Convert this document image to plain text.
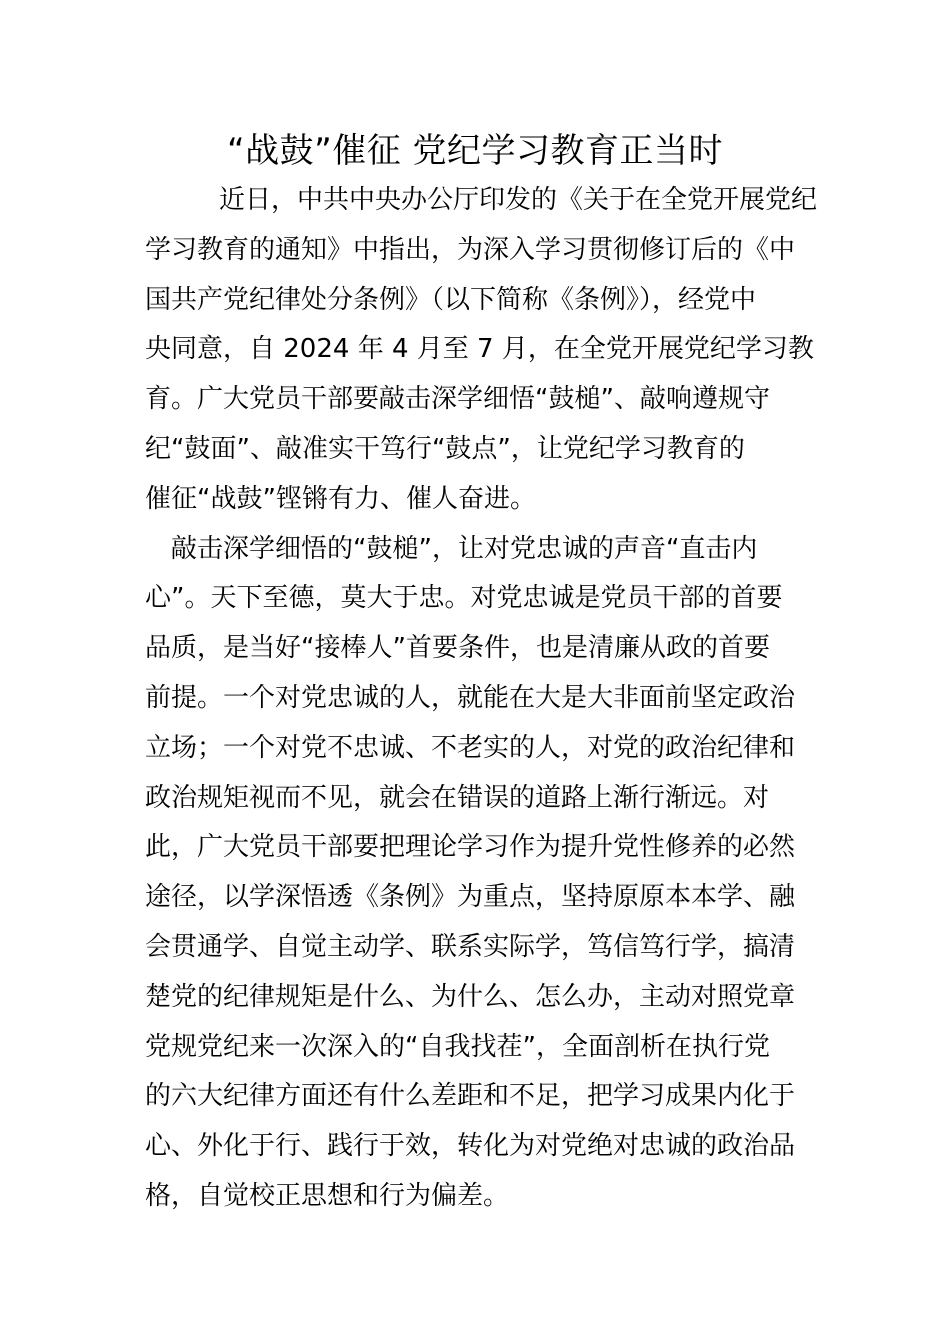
“战鼓”催征 党纪学习教育正当时

近日，中共中央办公厅印发的《关于在全党开展党纪
学习教育的通知》中指出，为深入学习贯彻修订后的《中
国共产党纪律处分条例》（以下简称《条例》），经党中
央同意，自 2024 年 4 月至 7 月，在全党开展党纪学习教
育。广大党员干部要敲击深学细悟“鼓槌”、敲响遵规守
纪“鼓面”、敲准实干笃行“鼓点”，让党纪学习教育的
催征“战鼓”铿锵有力、催人奋进。

敲击深学细悟的“鼓槌”，让对党忠诚的声音“直击内
心”。天下至德，莫大于忠。对党忠诚是党员干部的首要
品质，是当好“接棒人”首要条件，也是清廉从政的首要
前提。一个对党忠诚的人，就能在大是大非面前坚定政治
立场；一个对党不忠诚、不老实的人，对党的政治纪律和
政治规矩视而不见，就会在错误的道路上渐行渐远。对
此，广大党员干部要把理论学习作为提升党性修养的必然
途径，以学深悟透《条例》为重点，坚持原原本本学、融
会贯通学、自觉主动学、联系实际学，笃信笃行学，搞清
楚党的纪律规矩是什么、为什么、怎么办，主动对照党章
党规党纪来一次深入的“自我找茬”，全面剖析在执行党
的六大纪律方面还有什么差距和不足，把学习成果内化于
心、外化于行、践行于效，转化为对党绝对忠诚的政治品
格，自觉校正思想和行为偏差。
